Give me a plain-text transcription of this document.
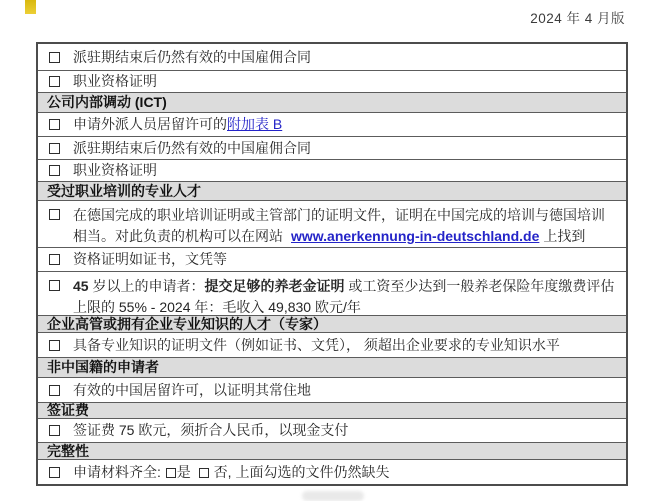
2024 年 4 月版
派驻期结束后仍然有效的中国雇佣合同
职业资格证明
公司内部调动 (ICT)
申请外派人员居留许可的附加表 B
派驻期结束后仍然有效的中国雇佣合同
职业资格证明
受过职业培训的专业人才
在德国完成的职业培训证明或主管部门的证明文件，证明在中国完成的培训与德国培训相当。对此负责的机构可以在网站 www.anerkennung-in-deutschland.de 上找到
资格证明如证书，文凭等
45 岁以上的申请者：提交足够的养老金证明 或工资至少达到一般养老保险年度缴费评估上限的 55% - 2024 年：毛收入 49,830 欧元/年
企业高管或拥有企业专业知识的人才（专家）
具备专业知识的证明文件（例如证书、文凭）， 须超出企业要求的专业知识水平
非中国籍的申请者
有效的中国居留许可，以证明其常住地
签证费
签证费 75 欧元，须折合人民币，以现金支付
完整性
申请材料齐全: 是 否, 上面勾选的文件仍然缺失
